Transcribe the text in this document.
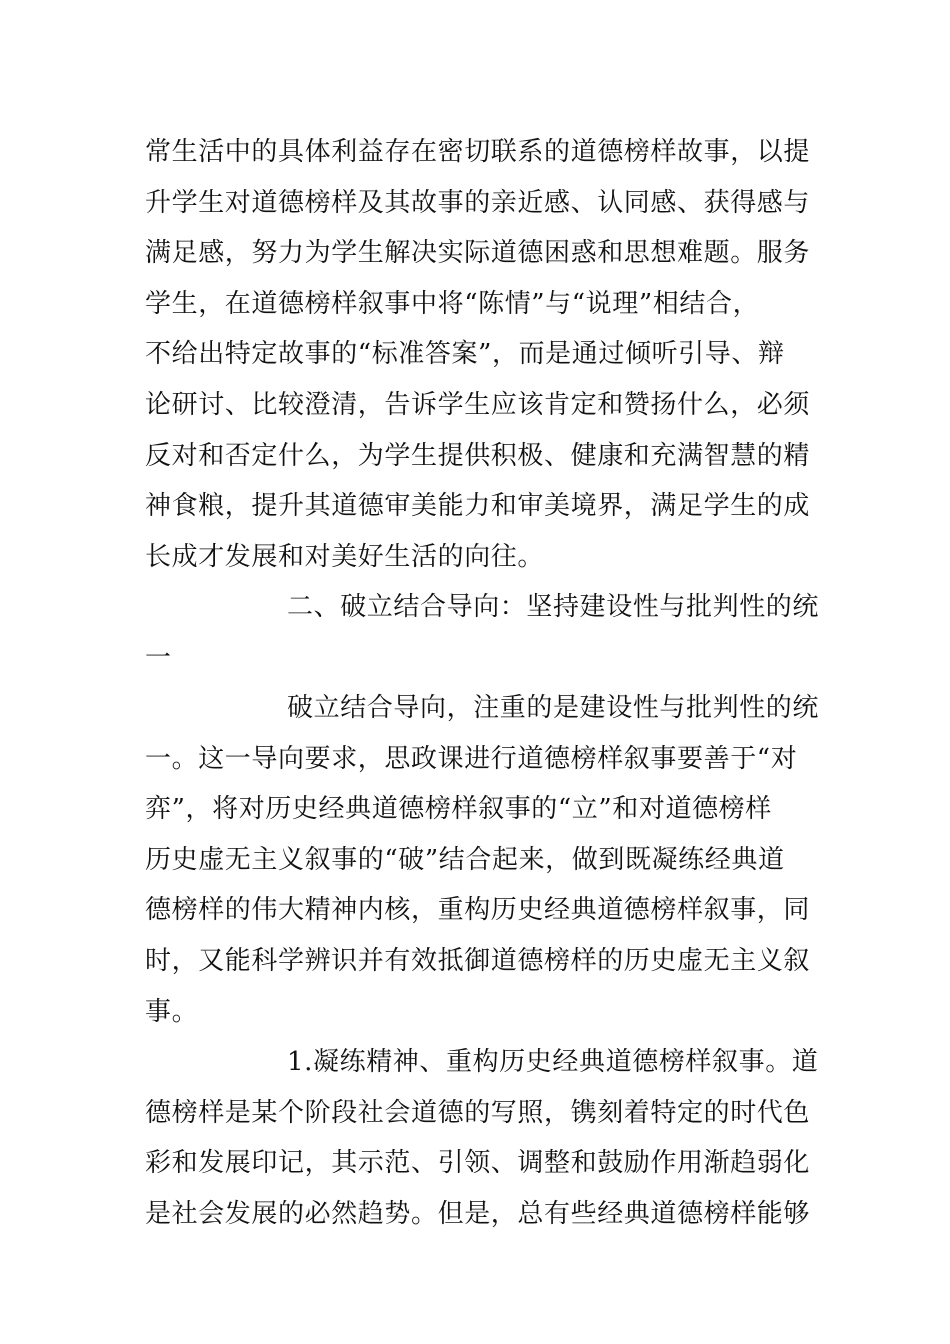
常生活中的具体利益存在密切联系的道德榜样故事，以提
升学生对道德榜样及其故事的亲近感、认同感、获得感与
满足感，努力为学生解决实际道德困惑和思想难题。服务
学生，在道德榜样叙事中将“陈情”与“说理”相结合，
不给出特定故事的“标准答案”，而是通过倾听引导、辩
论研讨、比较澄清，告诉学生应该肯定和赞扬什么，必须
反对和否定什么，为学生提供积极、健康和充满智慧的精
神食粮，提升其道德审美能力和审美境界，满足学生的成
长成才发展和对美好生活的向往。
二、破立结合导向：坚持建设性与批判性的统
一
破立结合导向，注重的是建设性与批判性的统
一。这一导向要求，思政课进行道德榜样叙事要善于“对
弈”，将对历史经典道德榜样叙事的“立”和对道德榜样
历史虚无主义叙事的“破”结合起来，做到既凝练经典道
德榜样的伟大精神内核，重构历史经典道德榜样叙事，同
时，又能科学辨识并有效抵御道德榜样的历史虚无主义叙
事。
1.凝练精神、重构历史经典道德榜样叙事。道
德榜样是某个阶段社会道德的写照，镌刻着特定的时代色
彩和发展印记，其示范、引领、调整和鼓励作用渐趋弱化
是社会发展的必然趋势。但是，总有些经典道德榜样能够
